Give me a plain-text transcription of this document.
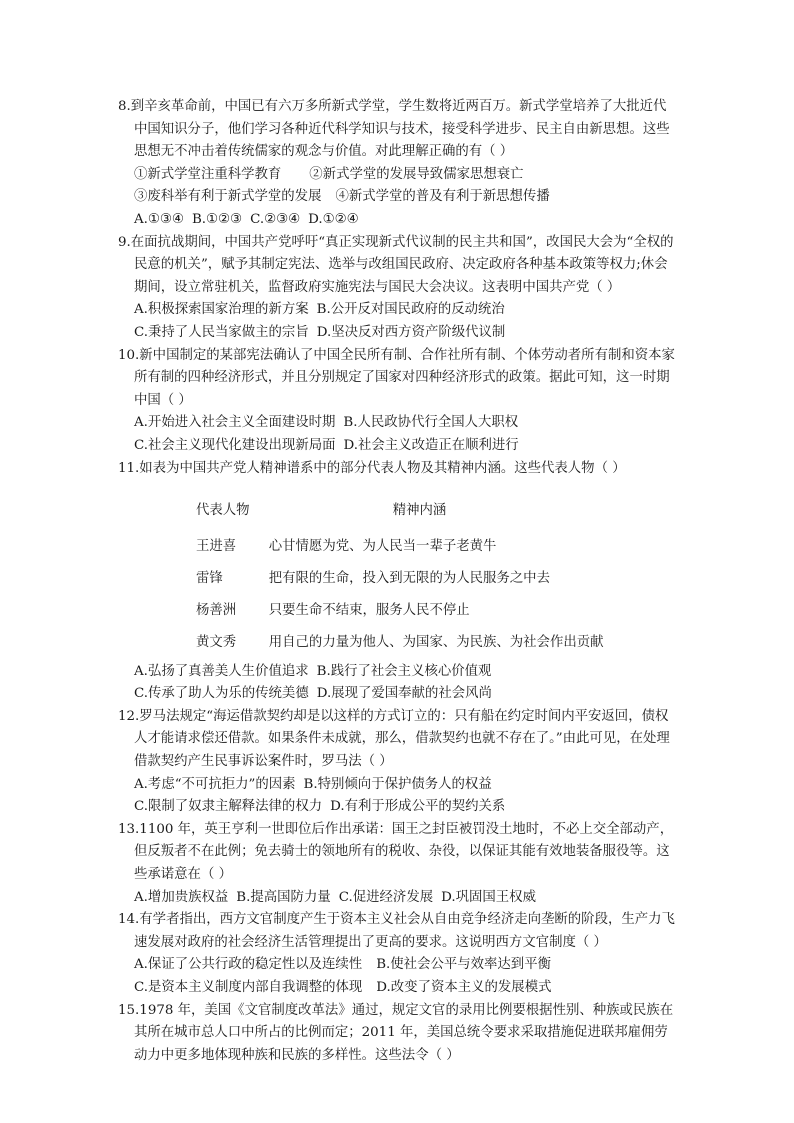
8.到辛亥革命前，中国已有六万多所新式学堂，学生数将近两百万。新式学堂培养了大批近代中国知识分子，他们学习各种近代科学知识与技术，接受科学进步、民主自由新思想。这些思想无不冲击着传统儒家的观念与价值。对此理解正确的有（ ）

①新式学堂注重科学教育 ②新式学堂的发展导致儒家思想衰亡

③废科举有利于新式学堂的发展 ④新式学堂的普及有利于新思想传播

A.①③④ B.①②③ C.②③④ D.①②④

9.在面抗战期间，中国共产党呼吁“真正实现新式代议制的民主共和国”，改国民大会为“全权的民意的机关”，赋予其制定宪法、选举与改组国民政府、决定政府各种基本政策等权力;休会期间，设立常驻机关，监督政府实施宪法与国民大会决议。这表明中国共产党（ ）

A.积极探索国家治理的新方案 B.公开反对国民政府的反动统治

C.秉持了人民当家做主的宗旨 D.坚决反对西方资产阶级代议制

10.新中国制定的某部宪法确认了中国全民所有制、合作社所有制、个体劳动者所有制和资本家所有制的四种经济形式，并且分别规定了国家对四种经济形式的政策。据此可知，这一时期中国（ ）

A.开始进入社会主义全面建设时期 B.人民政协代行全国人大职权

C.社会主义现代化建设出现新局面 D.社会主义改造正在顺利进行

11.如表为中国共产党人精神谱系中的部分代表人物及其精神内涵。这些代表人物（ ）

代表人物	精神内涵
王进喜	心甘情愿为党、为人民当一辈子老黄牛
雷锋	把有限的生命，投入到无限的为人民服务之中去
杨善洲	只要生命不结束，服务人民不停止
黄文秀	用自己的力量为他人、为国家、为民族、为社会作出贡献

A.弘扬了真善美人生价值追求 B.践行了社会主义核心价值观

C.传承了助人为乐的传统美德 D.展现了爱国奉献的社会风尚

12.罗马法规定“海运借款契约却是以这样的方式订立的：只有船在约定时间内平安返回，债权人才能请求偿还借款。如果条件未成就，那么，借款契约也就不存在了。”由此可见，在处理借款契约产生民事诉讼案件时，罗马法（ ）

A.考虑“不可抗拒力”的因素 B.特别倾向于保护债务人的权益

C.限制了奴隶主解释法律的权力 D.有利于形成公平的契约关系

13.1100 年，英王亨利一世即位后作出承诺：国王之封臣被罚没土地时，不必上交全部动产，但反叛者不在此例；免去骑士的领地所有的税收、杂役，以保证其能有效地装备服役等。这些承诺意在（ ）

A.增加贵族权益 B.提高国防力量 C.促进经济发展 D.巩固国王权威

14.有学者指出，西方文官制度产生于资本主义社会从自由竞争经济走向垄断的阶段，生产力飞速发展对政府的社会经济生活管理提出了更高的要求。这说明西方文官制度（ ）

A.保证了公共行政的稳定性以及连续性 B.使社会公平与效率达到平衡

C.是资本主义制度内部自我调整的体现 D.改变了资本主义的发展模式

15.1978 年，美国《文官制度改革法》通过，规定文官的录用比例要根据性别、种族或民族在其所在城市总人口中所占的比例而定；2011 年，美国总统令要求采取措施促进联邦雇佣劳动力中更多地体现种族和民族的多样性。这些法令（ ）
